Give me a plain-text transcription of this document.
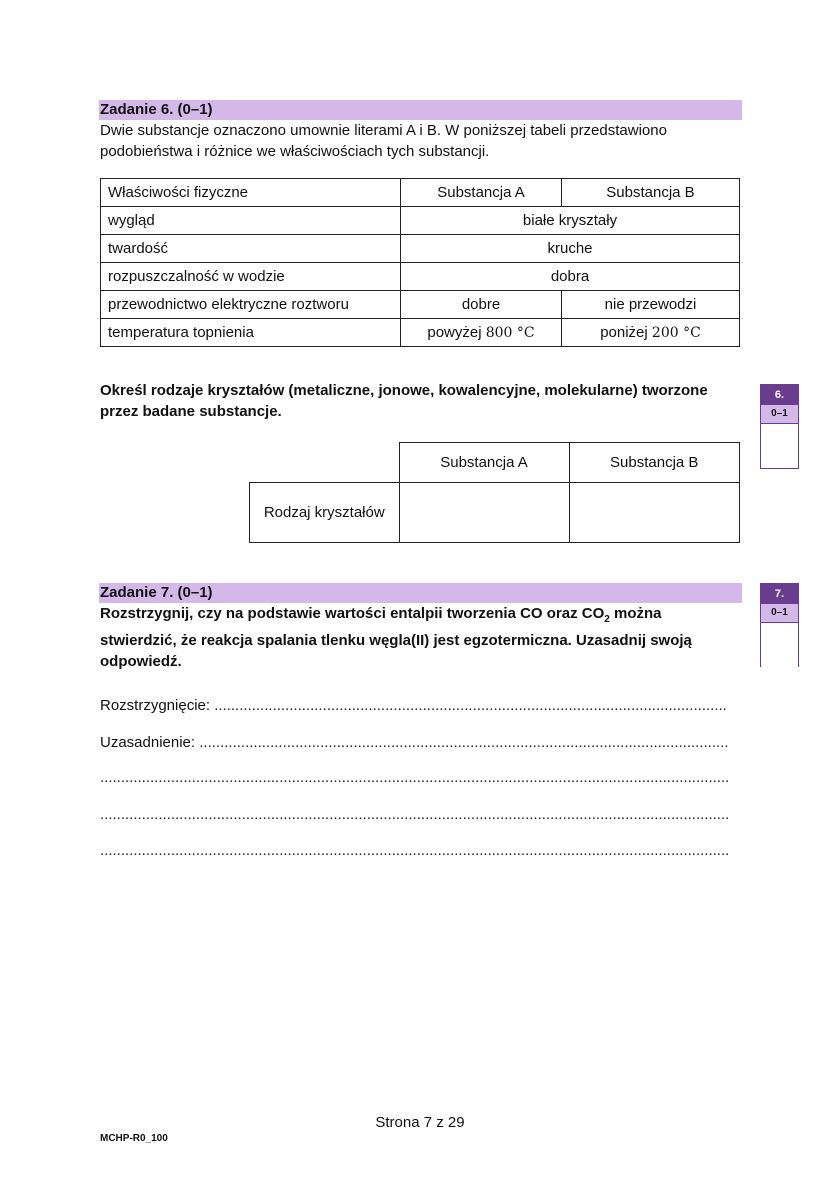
Zadanie 6. (0–1)
Dwie substancje oznaczono umownie literami A i B. W poniższej tabeli przedstawiono
podobieństwa i różnice we właściwościach tych substancji.
Właściwości fizyczne	Substancja A	Substancja B
wygląd	białe kryształy	
twardość	kruche	
rozpuszczalność w wodzie	dobra	
przewodnictwo elektryczne roztworu	dobre	nie przewodzi
temperatura topnienia	powyżej 800 °C	poniżej 200 °C
Określ rodzaje kryształów (metaliczne, jonowe, kowalencyjne, molekularne) tworzone
przez badane substancje.
6.
0–1
	Substancja A	Substancja B
Rodzaj kryształów		
Zadanie 7. (0–1)
Rozstrzygnij, czy na podstawie wartości entalpii tworzenia CO oraz $CO_2$ można
stwierdzić, że reakcja spalania tlenku węgla(II) jest egzotermiczna. Uzasadnij swoją
odpowiedź.
7.
0–1
Rozstrzygnięcie: ...........................................................................................................................
Uzasadnienie: ...............................................................................................................................
.......................................................................................................................................................
.......................................................................................................................................................
.......................................................................................................................................................
Strona 7 z 29
MCHP-R0_100
